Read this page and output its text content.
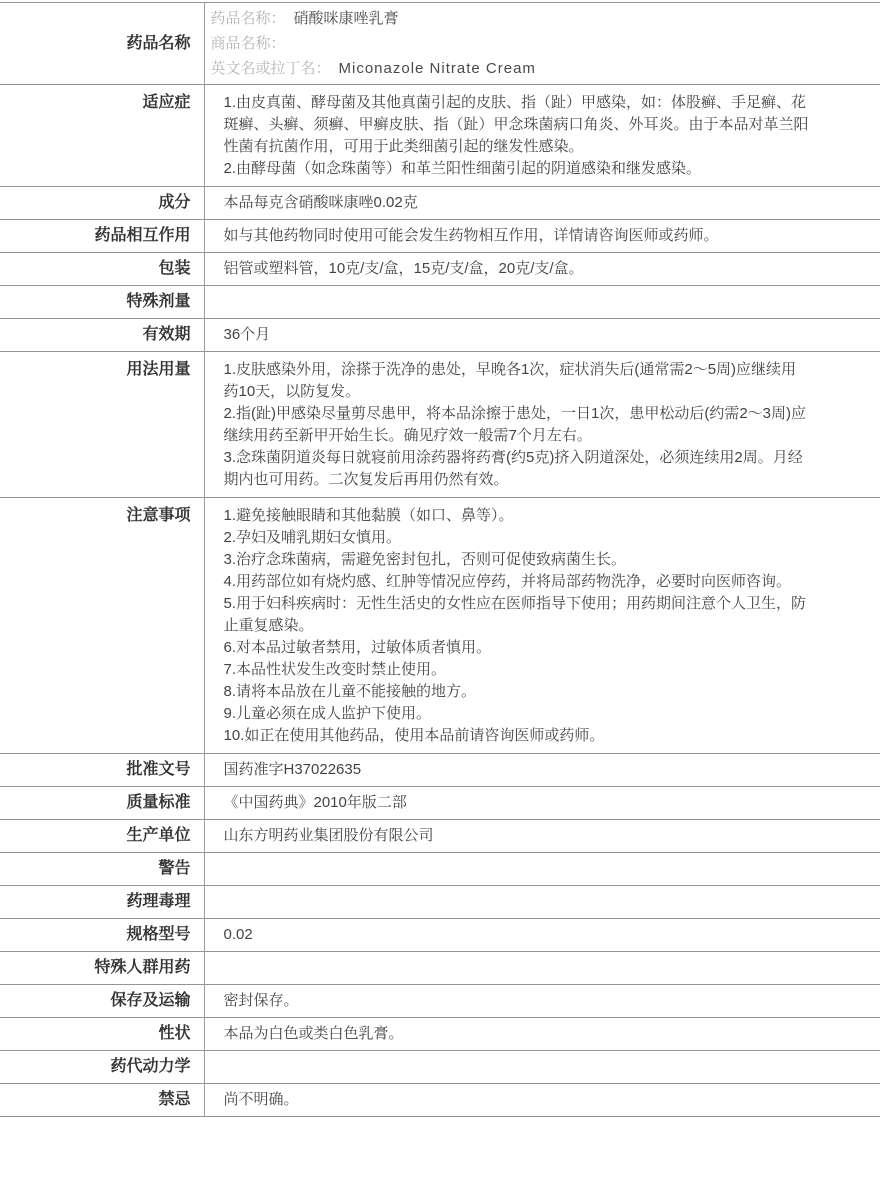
药品名称	药品名称： 硝酸咪康唑乳膏
商品名称：
英文名或拉丁名： Miconazole Nitrate Cream

适应症	1.由皮真菌、酵母菌及其他真菌引起的皮肤、指（趾）甲感染，如：体股癣、手足癣、花斑癣、头癣、须癣、甲癣皮肤、指（趾）甲念珠菌病口角炎、外耳炎。由于本品对革兰阳性菌有抗菌作用，可用于此类细菌引起的继发性感染。
2.由酵母菌（如念珠菌等）和革兰阳性细菌引起的阴道感染和继发感染。

成分	本品每克含硝酸咪康唑0.02克
药品相互作用	如与其他药物同时使用可能会发生药物相互作用，详情请咨询医师或药师。
包装	铝管或塑料管，10克/支/盒，15克/支/盒，20克/支/盒。
特殊剂量	
有效期	36个月
用法用量	1.皮肤感染外用，涂搽于洗净的患处，早晚各1次，症状消失后(通常需2～5周)应继续用药10天，以防复发。
2.指(趾)甲感染尽量剪尽患甲，将本品涂擦于患处，一日1次，患甲松动后(约需2～3周)应继续用药至新甲开始生长。确见疗效一般需7个月左右。
3.念珠菌阴道炎每日就寝前用涂药器将药膏(约5克)挤入阴道深处，必须连续用2周。月经期内也可用药。二次复发后再用仍然有效。

注意事项	1.避免接触眼睛和其他黏膜（如口、鼻等）。
2.孕妇及哺乳期妇女慎用。
3.治疗念珠菌病，需避免密封包扎，否则可促使致病菌生长。
4.用药部位如有烧灼感、红肿等情况应停药，并将局部药物洗净，必要时向医师咨询。
5.用于妇科疾病时：无性生活史的女性应在医师指导下使用；用药期间注意个人卫生，防止重复感染。
6.对本品过敏者禁用，过敏体质者慎用。
7.本品性状发生改变时禁止使用。
8.请将本品放在儿童不能接触的地方。
9.儿童必须在成人监护下使用。
10.如正在使用其他药品，使用本品前请咨询医师或药师。

批准文号	国药准字H37022635
质量标准	《中国药典》2010年版二部
生产单位	山东方明药业集团股份有限公司
警告	
药理毒理	
规格型号	0.02
特殊人群用药	
保存及运输	密封保存。
性状	本品为白色或类白色乳膏。
药代动力学	
禁忌	尚不明确。
